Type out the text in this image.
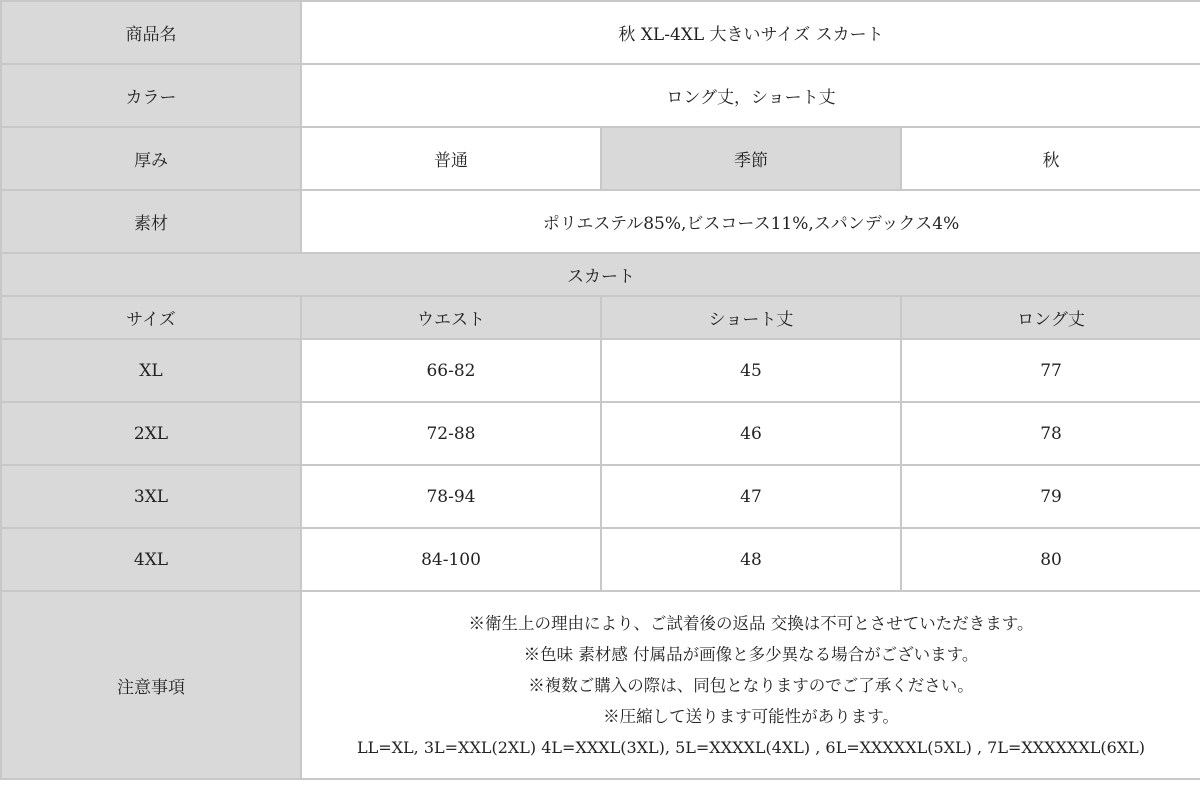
商品名	秋 XL-4XL 大きいサイズ スカート		
カラー	ロング丈，ショート丈		
厚み	普通	季節	秋
素材	ポリエステル85%,ビスコース11%,スパンデックス4%		
スカート			
サイズ	ウエスト	ショート丈	ロング丈
XL	66-82	45	77
2XL	72-88	46	78
3XL	78-94	47	79
4XL	84-100	48	80
注意事項	※衛生上の理由により、ご試着後の返品 交換は不可とさせていただきます。
※色味 素材感 付属品が画像と多少異なる場合がございます。
※複数ご購入の際は、同包となりますのでご了承ください。
※圧縮して送ります可能性があります。
LL=XL, 3L=XXL(2XL) 4L=XXXL(3XL), 5L=XXXXL(4XL) , 6L=XXXXXL(5XL) , 7L=XXXXXXL(6XL)		
